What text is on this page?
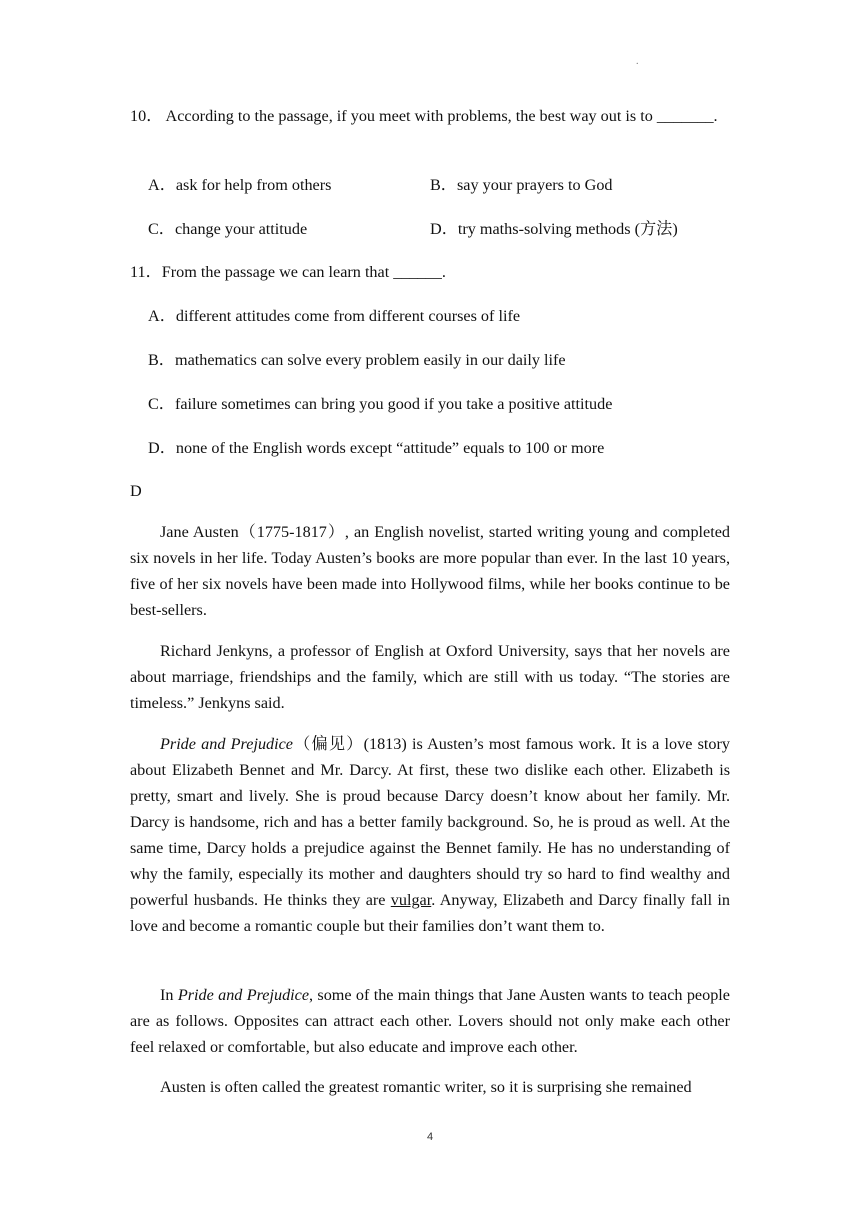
.
10． According to the passage, if you meet with problems, the best way out is to _______.
A．ask for help from others	B．say your prayers to God
C．change your attitude	D．try maths-solving methods (方法)
11．From the passage we can learn that ______.
A．different attitudes come from different courses of life
B．mathematics can solve every problem easily in our daily life
C．failure sometimes can bring you good if you take a positive attitude
D．none of the English words except “attitude” equals to 100 or more
D

Jane Austen（1775-1817）, an English novelist, started writing young and completed six novels in her life. Today Austen’s books are more popular than ever. In the last 10 years, five of her six novels have been made into Hollywood films, while her books continue to be best-sellers.

Richard Jenkyns, a professor of English at Oxford University, says that her novels are about marriage, friendships and the family, which are still with us today. “The stories are timeless.” Jenkyns said.

Pride and Prejudice（偏见）(1813) is Austen’s most famous work. It is a love story about Elizabeth Bennet and Mr. Darcy. At first, these two dislike each other. Elizabeth is pretty, smart and lively. She is proud because Darcy doesn’t know about her family. Mr. Darcy is handsome, rich and has a better family background. So, he is proud as well. At the same time, Darcy holds a prejudice against the Bennet family. He has no understanding of why the family, especially its mother and daughters should try so hard to find wealthy and powerful husbands. He thinks they are vulgar. Anyway, Elizabeth and Darcy finally fall in love and become a romantic couple but their families don’t want them to.

In Pride and Prejudice, some of the main things that Jane Austen wants to teach people are as follows. Opposites can attract each other. Lovers should not only make each other feel relaxed or comfortable, but also educate and improve each other.

Austen is often called the greatest romantic writer, so it is surprising she remained

4
